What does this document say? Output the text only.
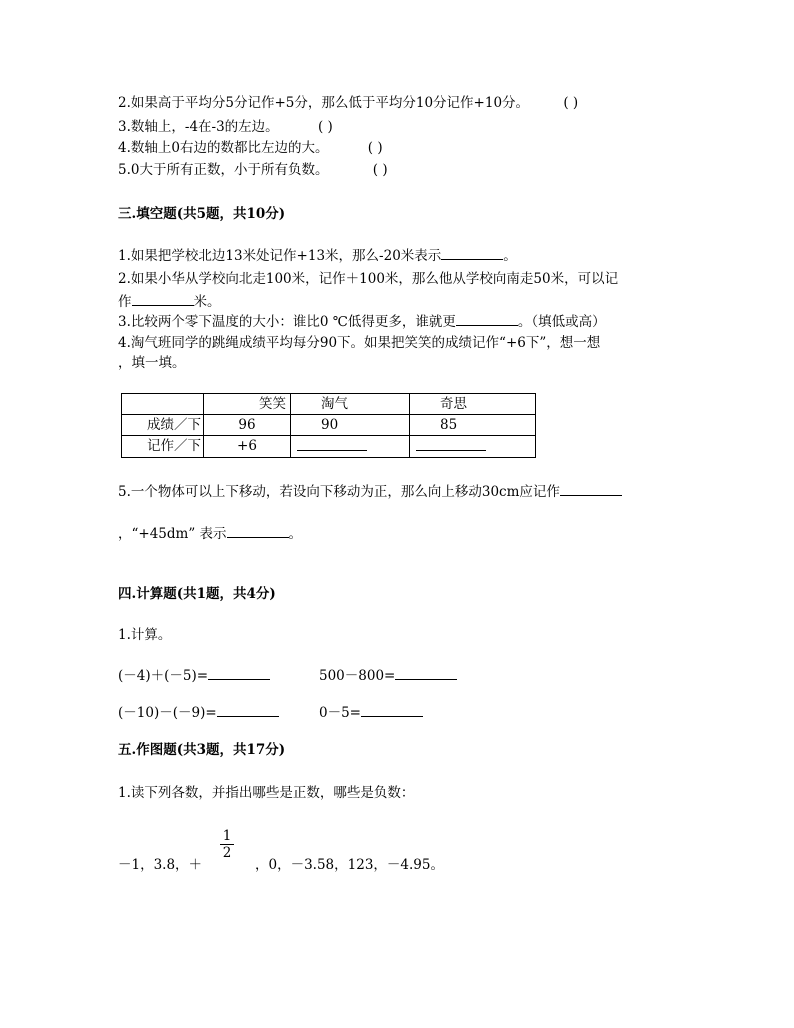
2.如果高于平均分5分记作+5分，那么低于平均分10分记作+10分。	( )
3.数轴上，-4在-3的左边。	( )
4.数轴上0右边的数都比左边的大。	( )
5.0大于所有正数，小于所有负数。	( )
三.填空题(共5题，共10分)
1.如果把学校北边13米处记作+13米，那么-20米表示	。
2.如果小华从学校向北走100米，记作＋100米，那么他从学校向南走50米，可以记
作	米。
3.比较两个零下温度的大小：谁比0 ℃低得更多，谁就更	。（填低或高）
4.淘气班同学的跳绳成绩平均每分90下。如果把笑笑的成绩记作“+6下”，想一想
，填一填。
	笑笑	淘气	奇思
成绩／下	96	90	85
记作／下	+6		
5.一个物体可以上下移动，若设向下移动为正，那么向上移动30cm应记作
，“+45dm” 表示	。
四.计算题(共1题，共4分)
1.计算。
(－4)＋(－5)=	500－800=
(－10)－(－9)=	0－5=
五.作图题(共3题，共17分)
1.读下列各数，并指出哪些是正数，哪些是负数：
－1，3.8，＋
1
2
，0，－3.58，123，－4.95。
